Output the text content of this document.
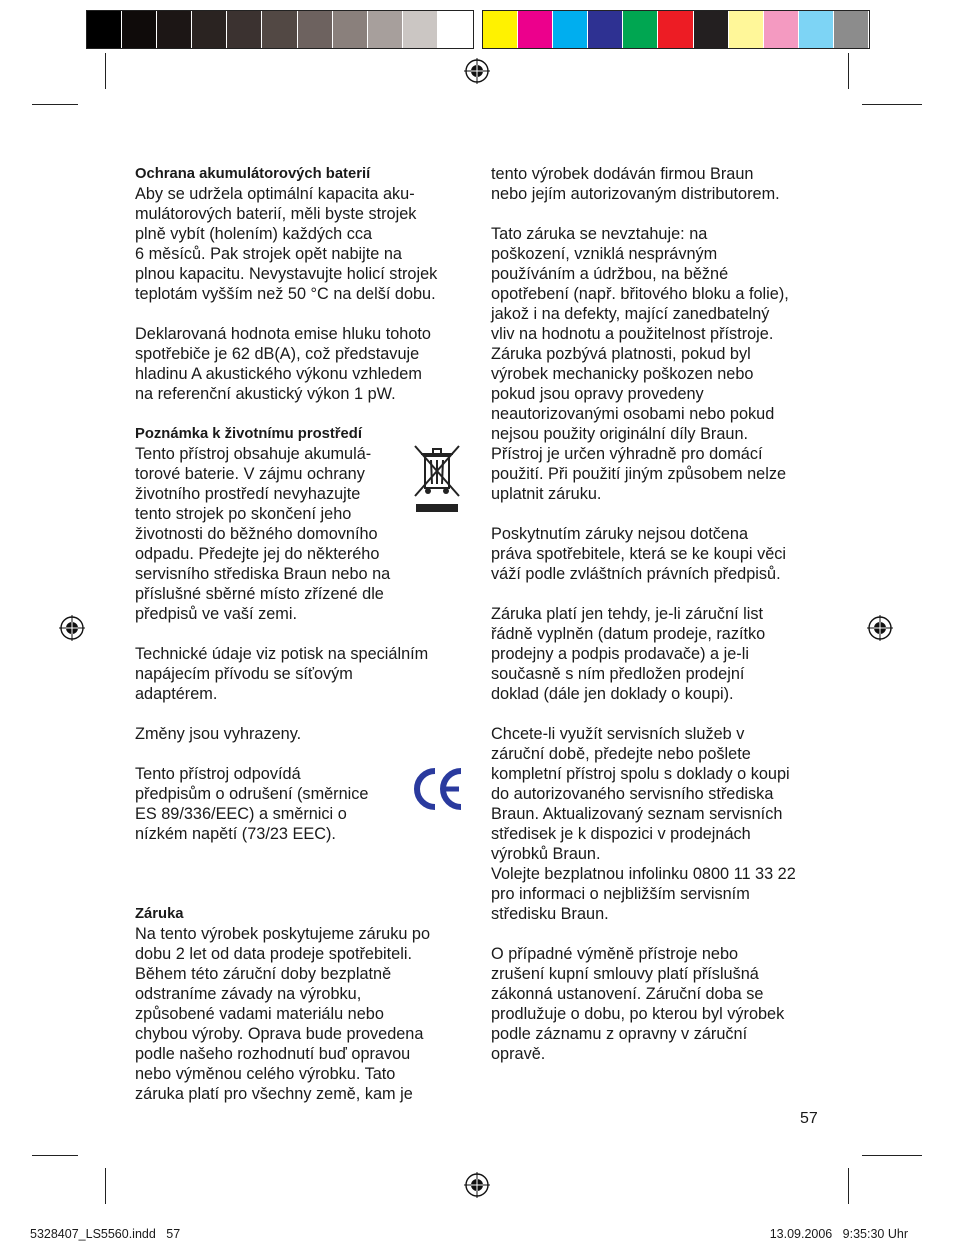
Ochrana akumulátorových baterií

Aby se udržela optimální kapacita aku-
mulátorových baterií, měli byste strojek
plně vybít (holením) každých cca
6 měsíců. Pak strojek opět nabijte na
plnou kapacitu. Nevystavujte holicí strojek
teplotám vyšším než 50 °C na delší dobu.

Deklarovaná hodnota emise hluku tohoto
spotřebiče je 62 dB(A), což představuje
hladinu A akustického výkonu vzhledem
na referenční akustický výkon 1 pW.

Poznámka k životnímu prostředí

Tento přístroj obsahuje akumulá-
torové baterie. V zájmu ochrany
životního prostředí nevyhazujte
tento strojek po skončení jeho
životnosti do běžného domovního
odpadu. Předejte jej do některého
servisního střediska Braun nebo na
příslušné sběrné místo zřízené dle
předpisů ve vaší zemi.

Technické údaje viz potisk na speciálním
napájecím přívodu se síťovým
adaptérem.

Změny jsou vyhrazeny.

Tento přístroj odpovídá
předpisům o odrušení (směrnice
ES 89/336/EEC) a směrnici o
nízkém napětí (73/23 EEC).

Záruka

Na tento výrobek poskytujeme záruku po
dobu 2 let od data prodeje spotřebiteli.
Během této záruční doby bezplatně
odstraníme závady na výrobku,
způsobené vadami materiálu nebo
chybou výroby. Oprava bude provedena
podle našeho rozhodnutí buď opravou
nebo výměnou celého výrobku. Tato
záruka platí pro všechny země, kam je

tento výrobek dodáván firmou Braun
nebo jejím autorizovaným distributorem.

Tato záruka se nevztahuje: na
poškození, vzniklá nesprávným
používáním a údržbou, na běžné
opotřebení (např. břitového bloku a folie),
jakož i na defekty, mající zanedbatelný
vliv na hodnotu a použitelnost přístroje.
Záruka pozbývá platnosti, pokud byl
výrobek mechanicky poškozen nebo
pokud jsou opravy provedeny
neautorizovanými osobami nebo pokud
nejsou použity originální díly Braun.
Přístroj je určen výhradně pro domácí
použití. Při použití jiným způsobem nelze
uplatnit záruku.

Poskytnutím záruky nejsou dotčena
práva spotřebitele, která se ke koupi věci
váží podle zvláštních právních předpisů.

Záruka platí jen tehdy, je-li záruční list
řádně vyplněn (datum prodeje, razítko
prodejny a podpis prodavače) a je-li
současně s ním předložen prodejní
doklad (dále jen doklady o koupi).

Chcete-li využít servisních služeb v
záruční době, předejte nebo pošlete
kompletní přístroj spolu s doklady o koupi
do autorizovaného servisního střediska
Braun. Aktualizovaný seznam servisních
středisek je k dispozici v prodejnách
výrobků Braun.
Volejte bezplatnou infolinku 0800 11 33 22
pro informaci o nejbližším servisním
středisku Braun.

O případné výměně přístroje nebo
zrušení kupní smlouvy platí příslušná
zákonná ustanovení. Záruční doba se
prodlužuje o dobu, po kterou byl výrobek
podle záznamu z opravny v záruční
opravě.

57
5328407_LS5560.indd   57	13.09.2006   9:35:30 Uhr
